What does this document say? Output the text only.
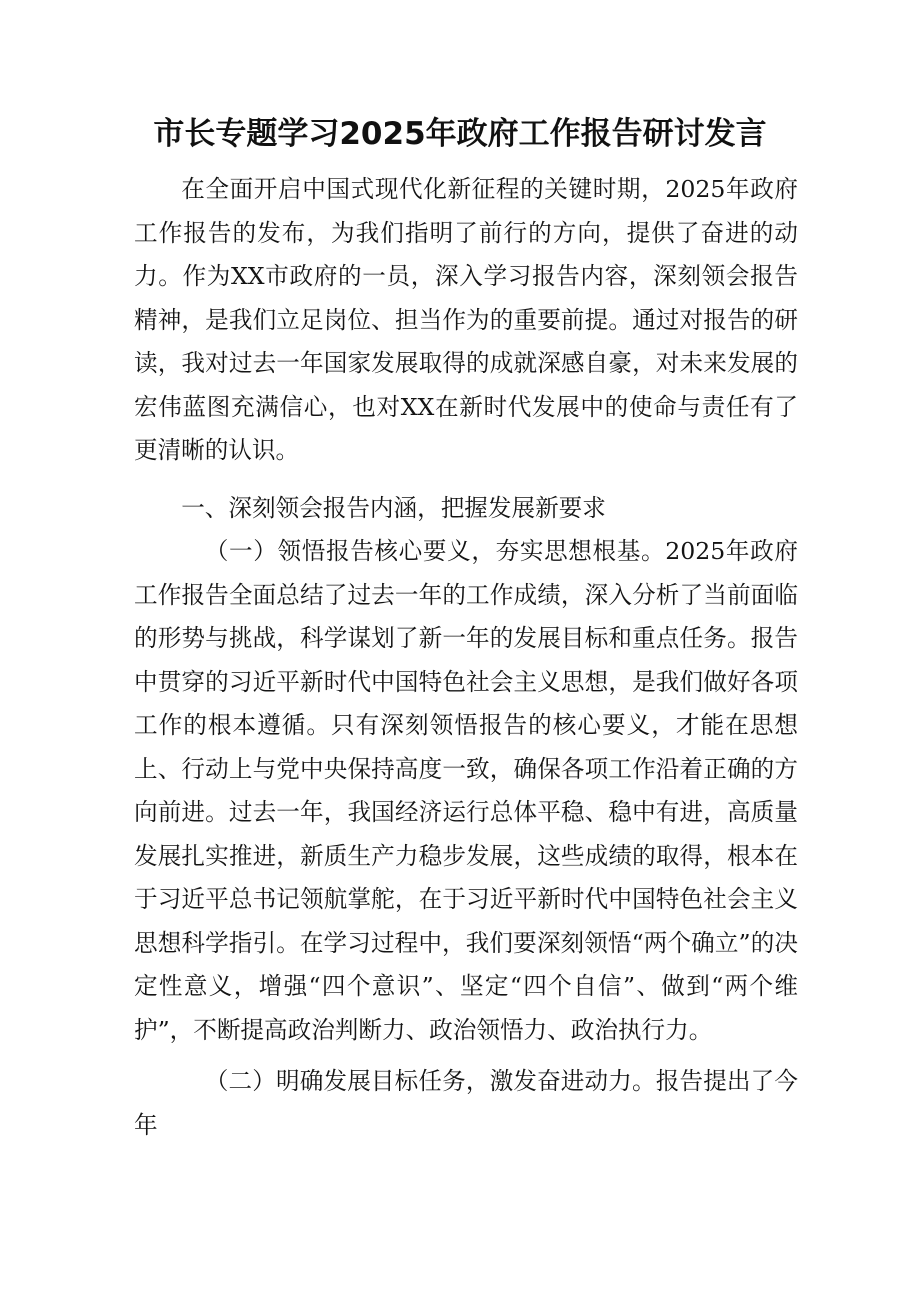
市长专题学习2025年政府工作报告研讨发言

在全面开启中国式现代化新征程的关键时期，2025年政府工作报告的发布，为我们指明了前行的方向，提供了奋进的动力。作为XX市政府的一员，深入学习报告内容，深刻领会报告精神，是我们立足岗位、担当作为的重要前提。通过对报告的研读，我对过去一年国家发展取得的成就深感自豪，对未来发展的宏伟蓝图充满信心，也对XX在新时代发展中的使命与责任有了更清晰的认识。

一、深刻领会报告内涵，把握发展新要求

（一）领悟报告核心要义，夯实思想根基。2025年政府工作报告全面总结了过去一年的工作成绩，深入分析了当前面临的形势与挑战，科学谋划了新一年的发展目标和重点任务。报告中贯穿的习近平新时代中国特色社会主义思想，是我们做好各项工作的根本遵循。只有深刻领悟报告的核心要义，才能在思想上、行动上与党中央保持高度一致，确保各项工作沿着正确的方向前进。过去一年，我国经济运行总体平稳、稳中有进，高质量发展扎实推进，新质生产力稳步发展，这些成绩的取得，根本在于习近平总书记领航掌舵，在于习近平新时代中国特色社会主义思想科学指引。在学习过程中，我们要深刻领悟“两个确立”的决定性意义，增强“四个意识”、坚定“四个自信”、做到“两个维护”，不断提高政治判断力、政治领悟力、政治执行力。

（二）明确发展目标任务，激发奋进动力。报告提出了今年
